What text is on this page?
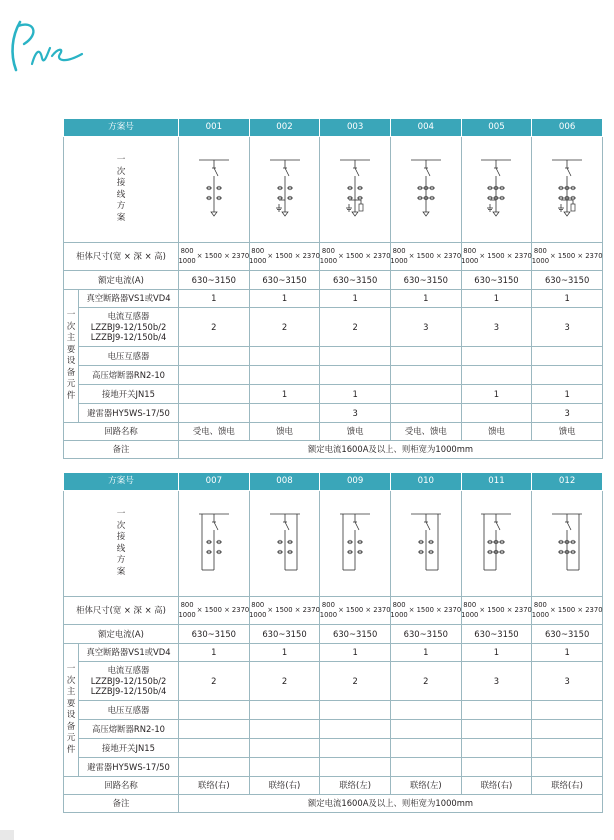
方案号		001	002	003	004	005	006

一次接线方案

柜体尺寸(宽 × 深 × 高)		800
1000
× 1500 × 2370	800
1000
× 1500 × 2370	800
1000
× 1500 × 2370	800
1000
× 1500 × 2370	800
1000
× 1500 × 2370	800
1000
× 1500 × 2370

额定电流(A)		630~3150	630~3150	630~3150	630~3150	630~3150	630~3150

一次主要设备元件	真空断路器VS1或VD4	1	1	1	1	1	1

	电流互感器
LZZBJ9-12/150b/2
LZZBJ9-12/150b/4	2	2	2	3	3	3
	电压互感器						
	高压熔断器RN2-10						
	接地开关JN15		1	1		1	1
	避雷器HY5WS-17/50			3			3
回路名称		受电、馈电	馈电	馈电	受电、馈电	馈电	馈电
备注		额定电流1600A及以上、则柜宽为1000mm					
方案号		007	008	009	010	011	012

一次接线方案

柜体尺寸(宽 × 深 × 高)		800
1000
× 1500 × 2370	800
1000
× 1500 × 2370	800
1000
× 1500 × 2370	800
1000
× 1500 × 2370	800
1000
× 1500 × 2370	800
1000
× 1500 × 2370

额定电流(A)		630~3150	630~3150	630~3150	630~3150	630~3150	630~3150

一次主要设备元件	真空断路器VS1或VD4	1	1	1	1	1	1

	电流互感器
LZZBJ9-12/150b/2
LZZBJ9-12/150b/4	2	2	2	2	3	3
	电压互感器						
	高压熔断器RN2-10						
	接地开关JN15						
	避雷器HY5WS-17/50						
回路名称		联络(右)	联络(右)	联络(左)	联络(左)	联络(右)	联络(右)
备注		额定电流1600A及以上、则柜宽为1000mm					
